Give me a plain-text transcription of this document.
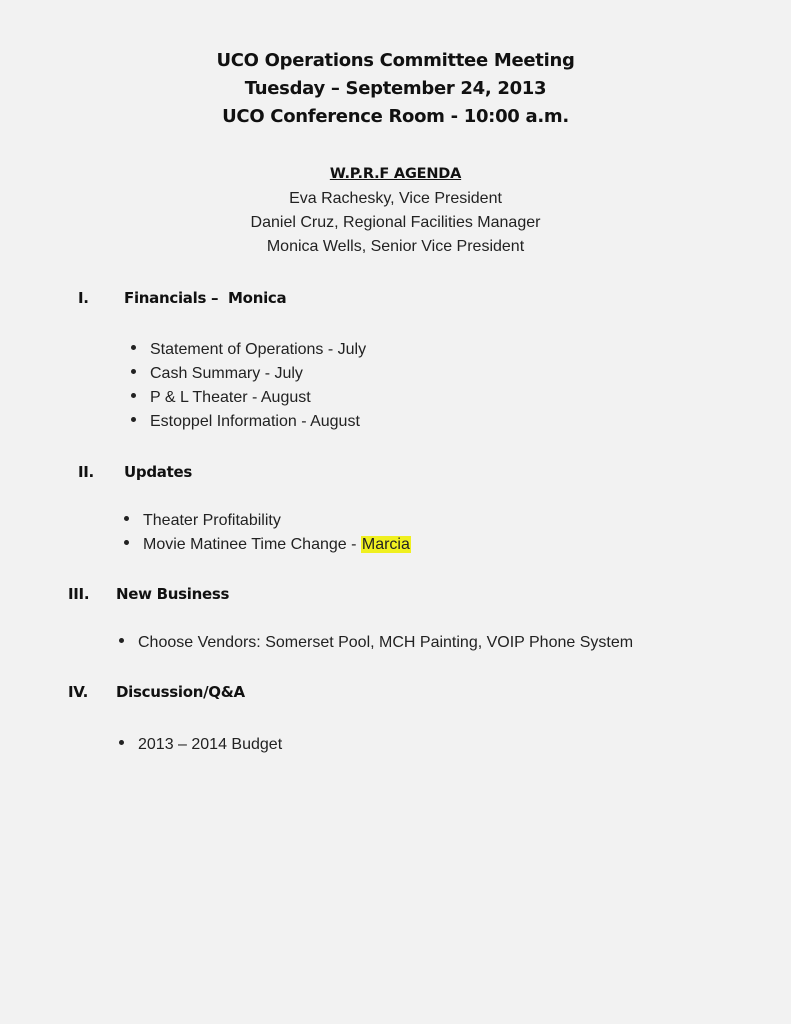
UCO Operations Committee Meeting
Tuesday – September 24, 2013
UCO Conference Room - 10:00 a.m.
W.P.R.F AGENDA
Eva Rachesky, Vice President
Daniel Cruz, Regional Facilities Manager
Monica Wells, Senior Vice President
I. Financials –  Monica
Statement of Operations - July
Cash Summary - July
P & L Theater - August
Estoppel Information - August
II. Updates
Theater Profitability
Movie Matinee Time Change - Marcia
III. New Business
Choose Vendors: Somerset Pool, MCH Painting, VOIP Phone System
IV. Discussion/Q&A
2013 – 2014 Budget
